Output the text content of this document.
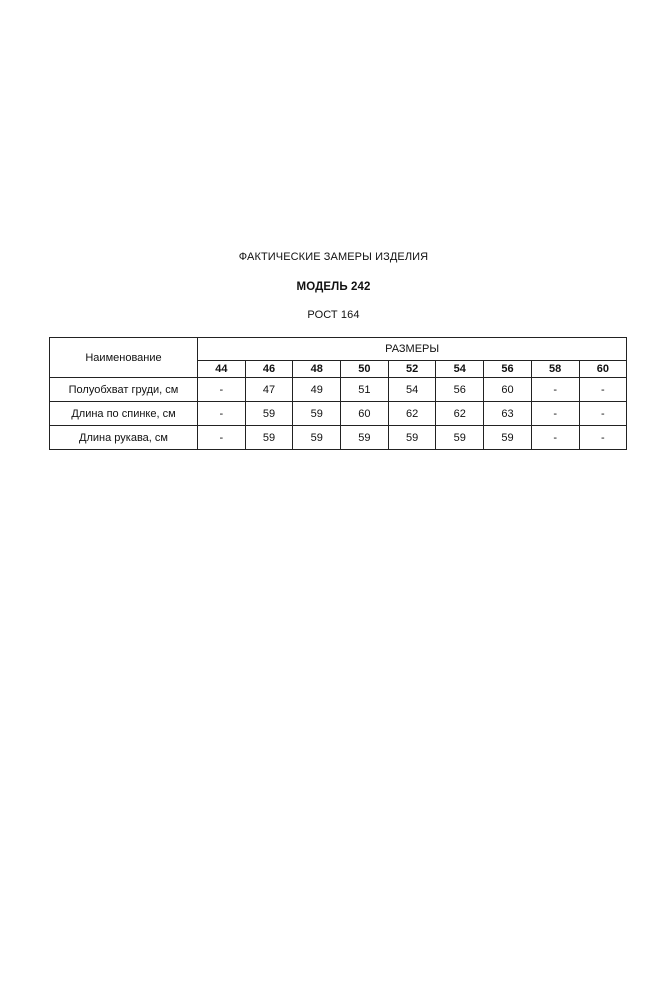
ФАКТИЧЕСКИЕ ЗАМЕРЫ ИЗДЕЛИЯ
МОДЕЛЬ 242
РОСТ 164
Наименование	РАЗМЕРЫ								
	44	46	48	50	52	54	56	58	60
Полуобхват груди, см	-	47	49	51	54	56	60	-	-
Длина по спинке, см	-	59	59	60	62	62	63	-	-
Длина рукава, см	-	59	59	59	59	59	59	-	-
